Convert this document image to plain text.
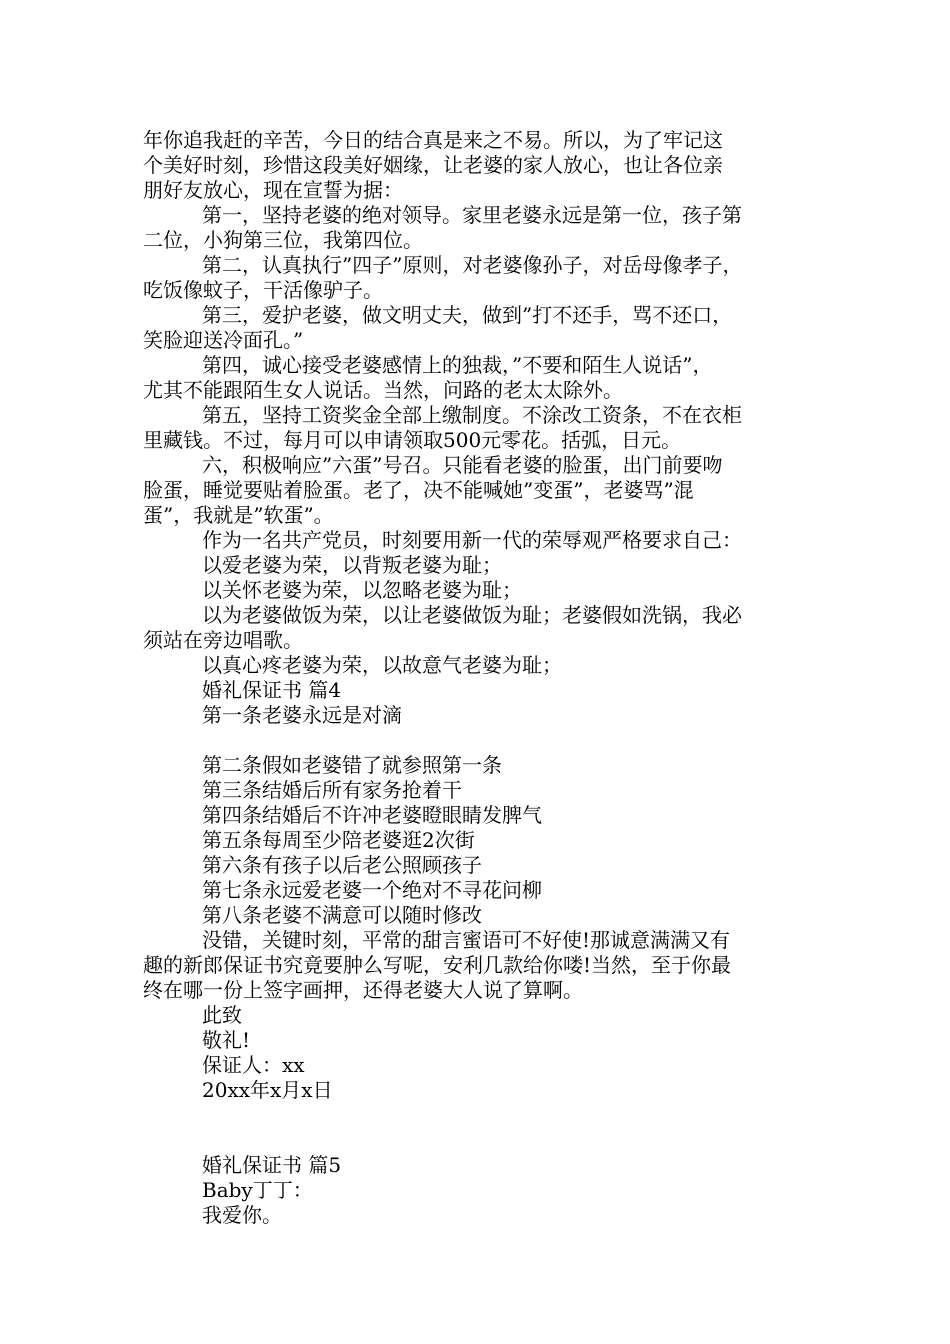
年你追我赶的辛苦，今日的结合真是来之不易。所以，为了牢记这
个美好时刻，珍惜这段美好姻缘，让老婆的家人放心，也让各位亲
朋好友放心，现在宣誓为据：
第一，坚持老婆的绝对领导。家里老婆永远是第一位，孩子第
二位，小狗第三位，我第四位。
第二，认真执行”四子”原则，对老婆像孙子，对岳母像孝子，
吃饭像蚊子，干活像驴子。
第三，爱护老婆，做文明丈夫，做到”打不还手，骂不还口，
笑脸迎送冷面孔。”
第四，诚心接受老婆感情上的独裁，”不要和陌生人说话”，
尤其不能跟陌生女人说话。当然，问路的老太太除外。
第五，坚持工资奖金全部上缴制度。不涂改工资条，不在衣柜
里藏钱。不过，每月可以申请领取500元零花。括弧，日元。
六，积极响应”六蛋”号召。只能看老婆的脸蛋，出门前要吻
脸蛋，睡觉要贴着脸蛋。老了，决不能喊她”变蛋”，老婆骂”混
蛋”，我就是”软蛋”。
作为一名共产党员，时刻要用新一代的荣辱观严格要求自己：
以爱老婆为荣，以背叛老婆为耻；
以关怀老婆为荣，以忽略老婆为耻；
以为老婆做饭为荣，以让老婆做饭为耻；老婆假如洗锅，我必
须站在旁边唱歌。
以真心疼老婆为荣，以故意气老婆为耻；
婚礼保证书 篇4
第一条老婆永远是对滴
第二条假如老婆错了就参照第一条
第三条结婚后所有家务抢着干
第四条结婚后不许冲老婆瞪眼睛发脾气
第五条每周至少陪老婆逛2次街
第六条有孩子以后老公照顾孩子
第七条永远爱老婆一个绝对不寻花问柳
第八条老婆不满意可以随时修改
没错，关键时刻，平常的甜言蜜语可不好使!那诚意满满又有
趣的新郎保证书究竟要肿么写呢，安利几款给你喽!当然，至于你最
终在哪一份上签字画押，还得老婆大人说了算啊。
此致
敬礼!
保证人：xx
20xx年x月x日
婚礼保证书 篇5
Baby丁丁：
我爱你。
